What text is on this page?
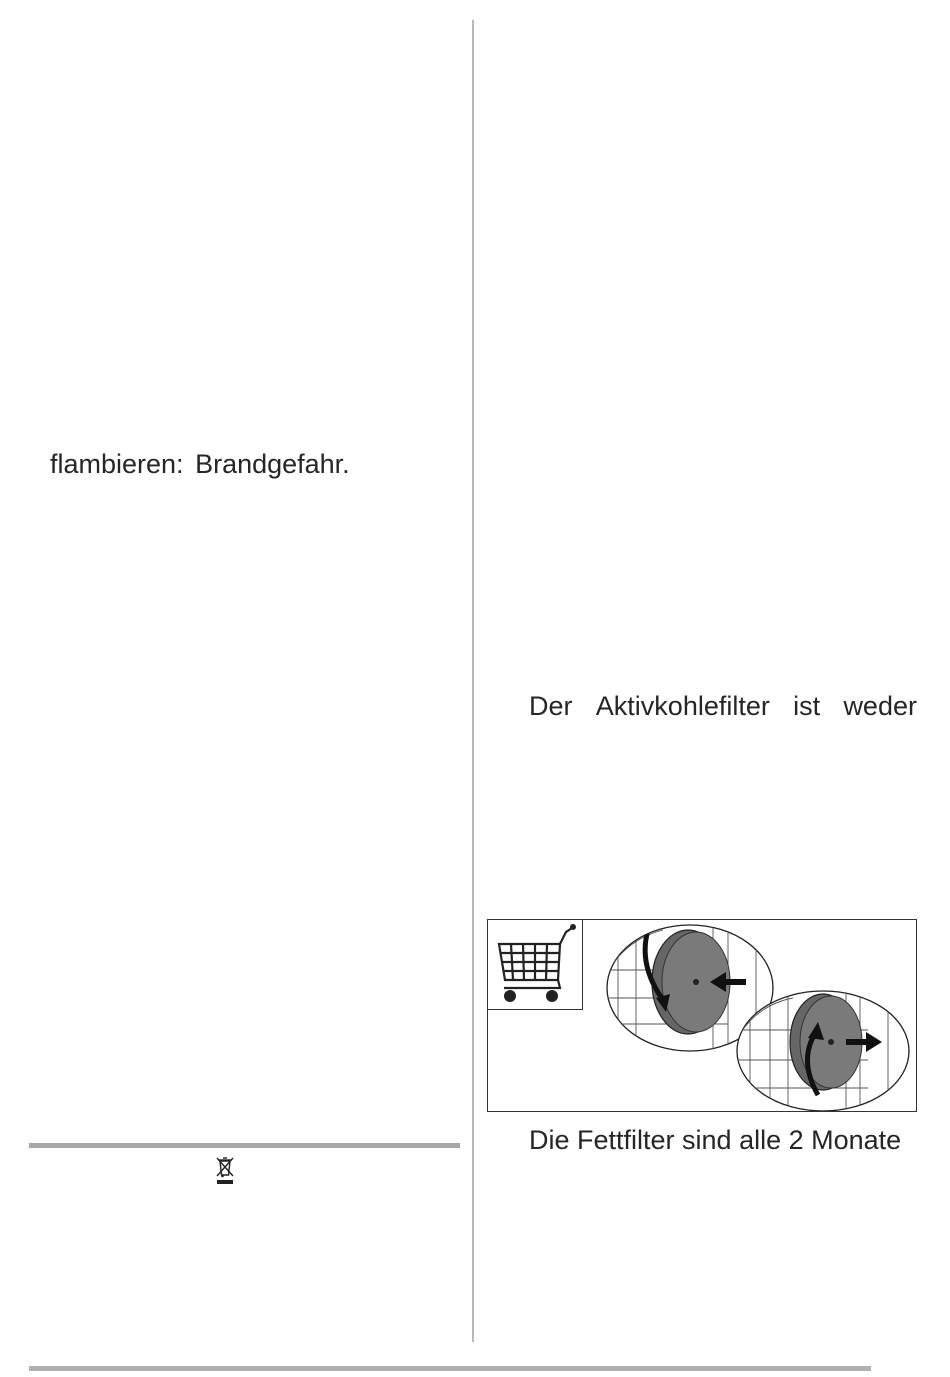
flambieren: Brandgefahr.
Der Aktivkohlefilter ist weder
Die Fettfilter sind alle 2 Monate
